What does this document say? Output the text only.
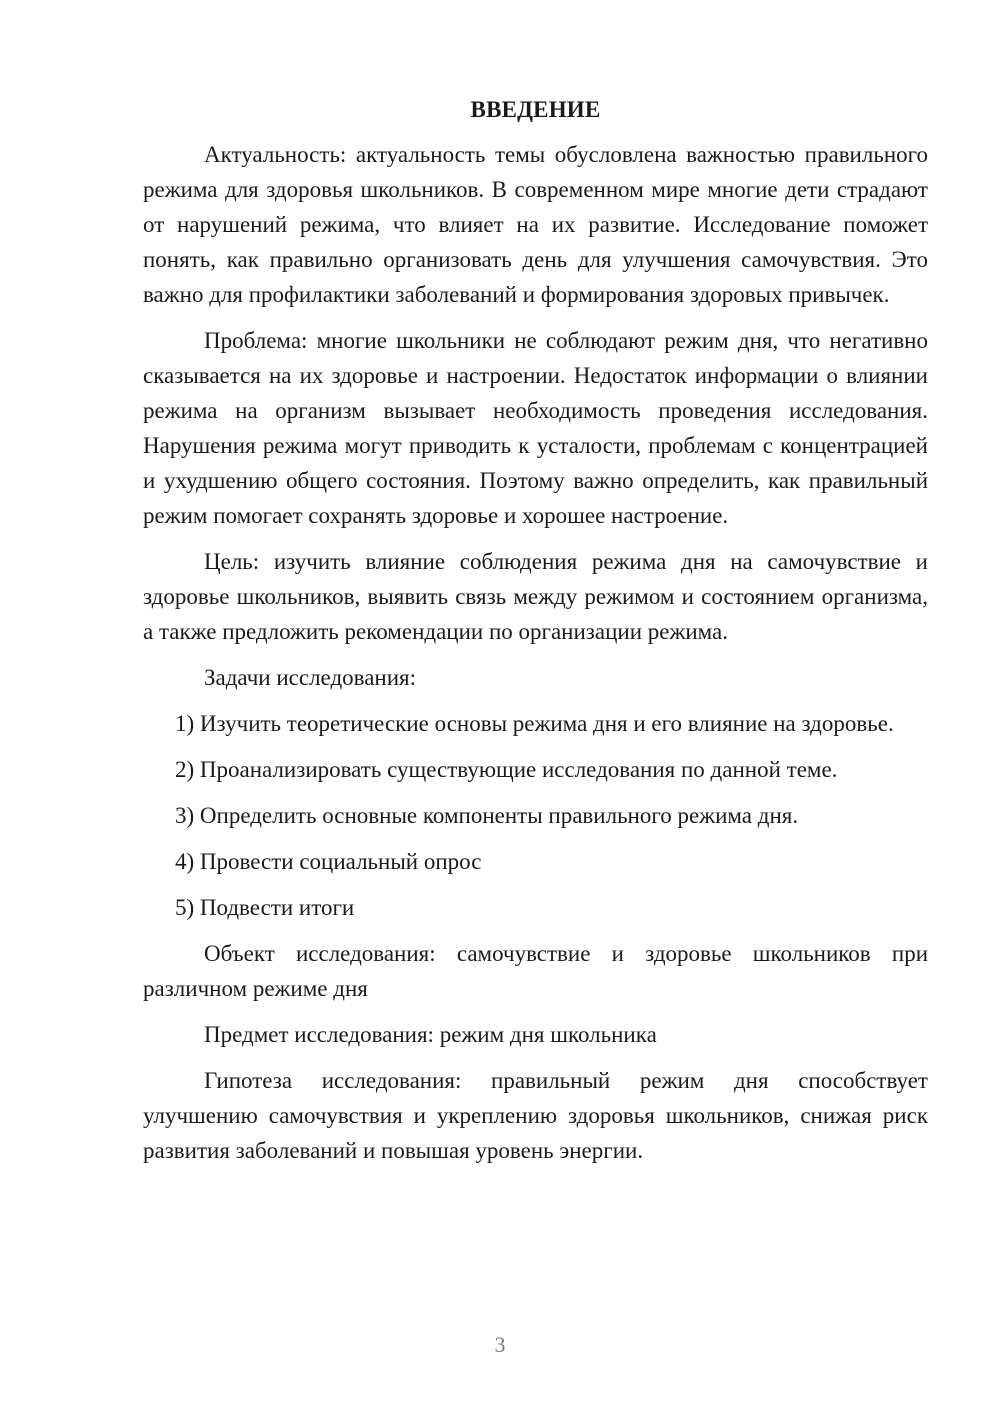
ВВЕДЕНИЕ

Актуальность: актуальность темы обусловлена важностью правильного режима для здоровья школьников. В современном мире многие дети страдают от нарушений режима, что влияет на их развитие. Исследование поможет понять, как правильно организовать день для улучшения самочувствия. Это важно для профилактики заболеваний и формирования здоровых привычек.

Проблема: многие школьники не соблюдают режим дня, что негативно сказывается на их здоровье и настроении. Недостаток информации о влиянии режима на организм вызывает необходимость проведения исследования. Нарушения режима могут приводить к усталости, проблемам с концентрацией и ухудшению общего состояния. Поэтому важно определить, как правильный режим помогает сохранять здоровье и хорошее настроение.

Цель: изучить влияние соблюдения режима дня на самочувствие и здоровье школьников, выявить связь между режимом и состоянием организма, а также предложить рекомендации по организации режима.

Задачи исследования:

1) Изучить теоретические основы режима дня и его влияние на здоровье.

2) Проанализировать существующие исследования по данной теме.

3) Определить основные компоненты правильного режима дня.

4) Провести социальный опрос

5) Подвести итоги

Объект исследования: самочувствие и здоровье школьников при различном режиме дня

Предмет исследования: режим дня школьника

Гипотеза исследования: правильный режим дня способствует улучшению самочувствия и укреплению здоровья школьников, снижая риск развития заболеваний и повышая уровень энергии.

3
